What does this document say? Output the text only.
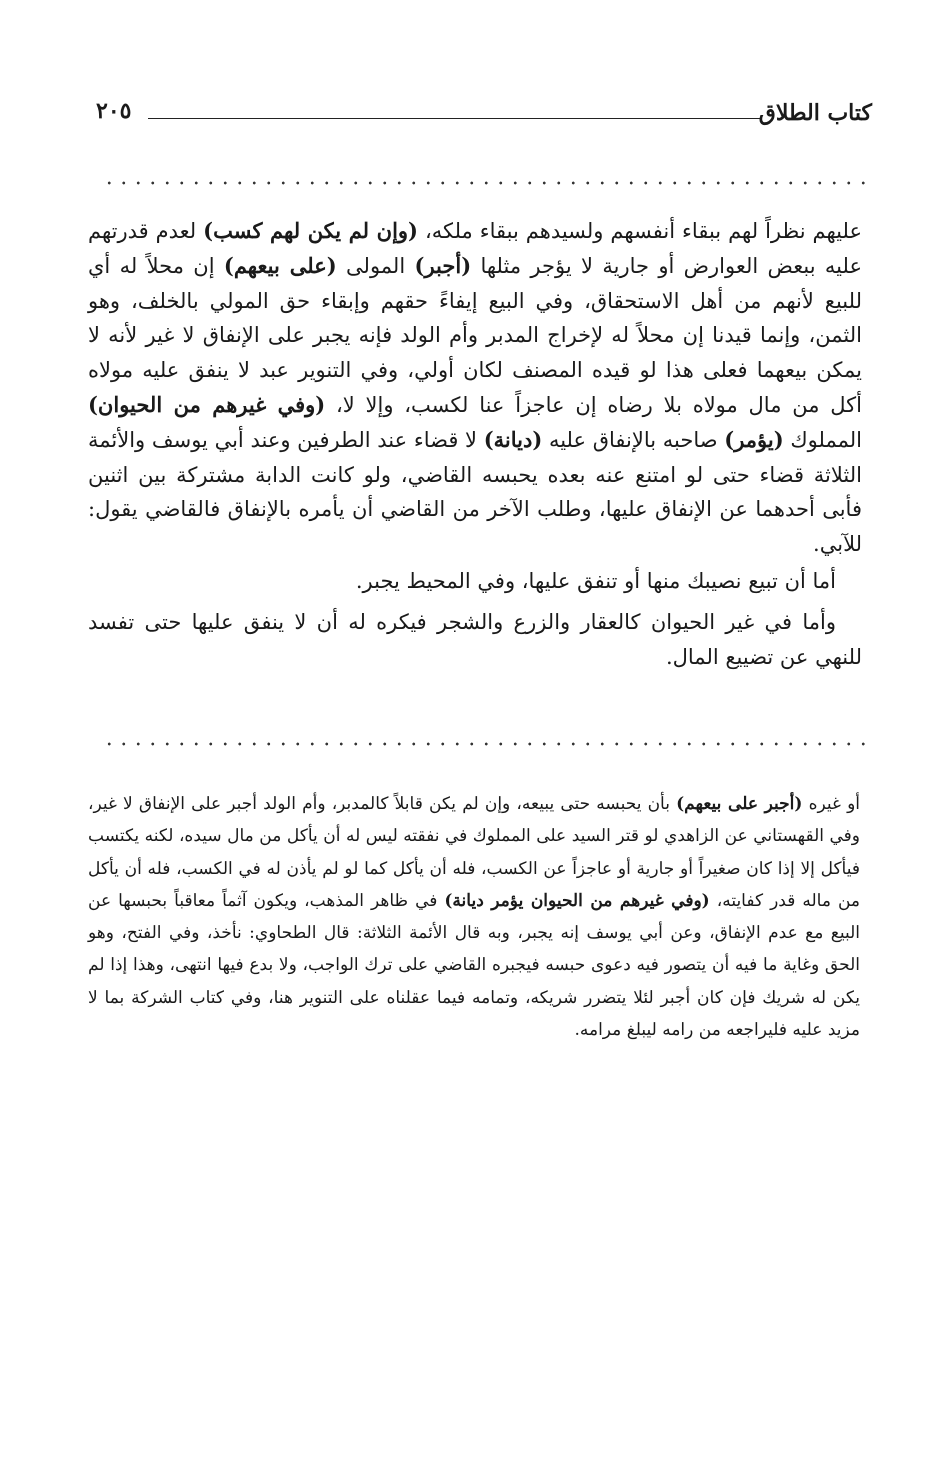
كتاب الطلاق
٢٠٥

عليهم نظراً لهم ببقاء أنفسهم ولسيدهم ببقاء ملكه، (وإن لم يكن لهم كسب) لعدم قدرتهم عليه ببعض العوارض أو جارية لا يؤجر مثلها (أجبر) المولى (على بيعهم) إن محلاً له أي للبيع لأنهم من أهل الاستحقاق، وفي البيع إيفاءً حقهم وإبقاء حق المولي بالخلف، وهو الثمن، وإنما قيدنا إن محلاً له لإخراج المدبر وأم الولد فإنه يجبر على الإنفاق لا غير لأنه لا يمكن بيعهما فعلى هذا لو قيده المصنف لكان أولي، وفي التنوير عبد لا ينفق عليه مولاه أكل من مال مولاه بلا رضاه إن عاجزاً عنا لكسب، وإلا لا، (وفي غيرهم من الحيوان) المملوك (يؤمر) صاحبه بالإنفاق عليه (ديانة) لا قضاء عند الطرفين وعند أبي يوسف والأئمة الثلاثة قضاء حتى لو امتنع عنه بعده يحبسه القاضي، ولو كانت الدابة مشتركة بين اثنين فأبى أحدهما عن الإنفاق عليها، وطلب الآخر من القاضي أن يأمره بالإنفاق فالقاضي يقول: للآبي.

أما أن تبيع نصيبك منها أو تنفق عليها، وفي المحيط يجبر.

وأما في غير الحيوان كالعقار والزرع والشجر فيكره له أن لا ينفق عليها حتى تفسد للنهي عن تضييع المال.

أو غيره (أجبر على بيعهم) بأن يحبسه حتى يبيعه، وإن لم يكن قابلاً كالمدبر، وأم الولد أجبر على الإنفاق لا غير، وفي القهستاني عن الزاهدي لو قتر السيد على المملوك في نفقته ليس له أن يأكل من مال سيده، لكنه يكتسب فيأكل إلا إذا كان صغيراً أو جارية أو عاجزاً عن الكسب، فله أن يأكل كما لو لم يأذن له في الكسب، فله أن يأكل من ماله قدر كفايته، (وفي غيرهم من الحيوان يؤمر ديانة) في ظاهر المذهب، ويكون آثماً معاقباً بحبسها عن البيع مع عدم الإنفاق، وعن أبي يوسف إنه يجبر، وبه قال الأئمة الثلاثة: قال الطحاوي: نأخذ، وفي الفتح، وهو الحق وغاية ما فيه أن يتصور فيه دعوى حبسه فيجبره القاضي على ترك الواجب، ولا بدع فيها انتهى، وهذا إذا لم يكن له شريك فإن كان أجبر لئلا يتضرر شريكه، وتمامه فيما عقلناه على التنوير هنا، وفي كتاب الشركة بما لا مزيد عليه فليراجعه من رامه ليبلغ مرامه.
